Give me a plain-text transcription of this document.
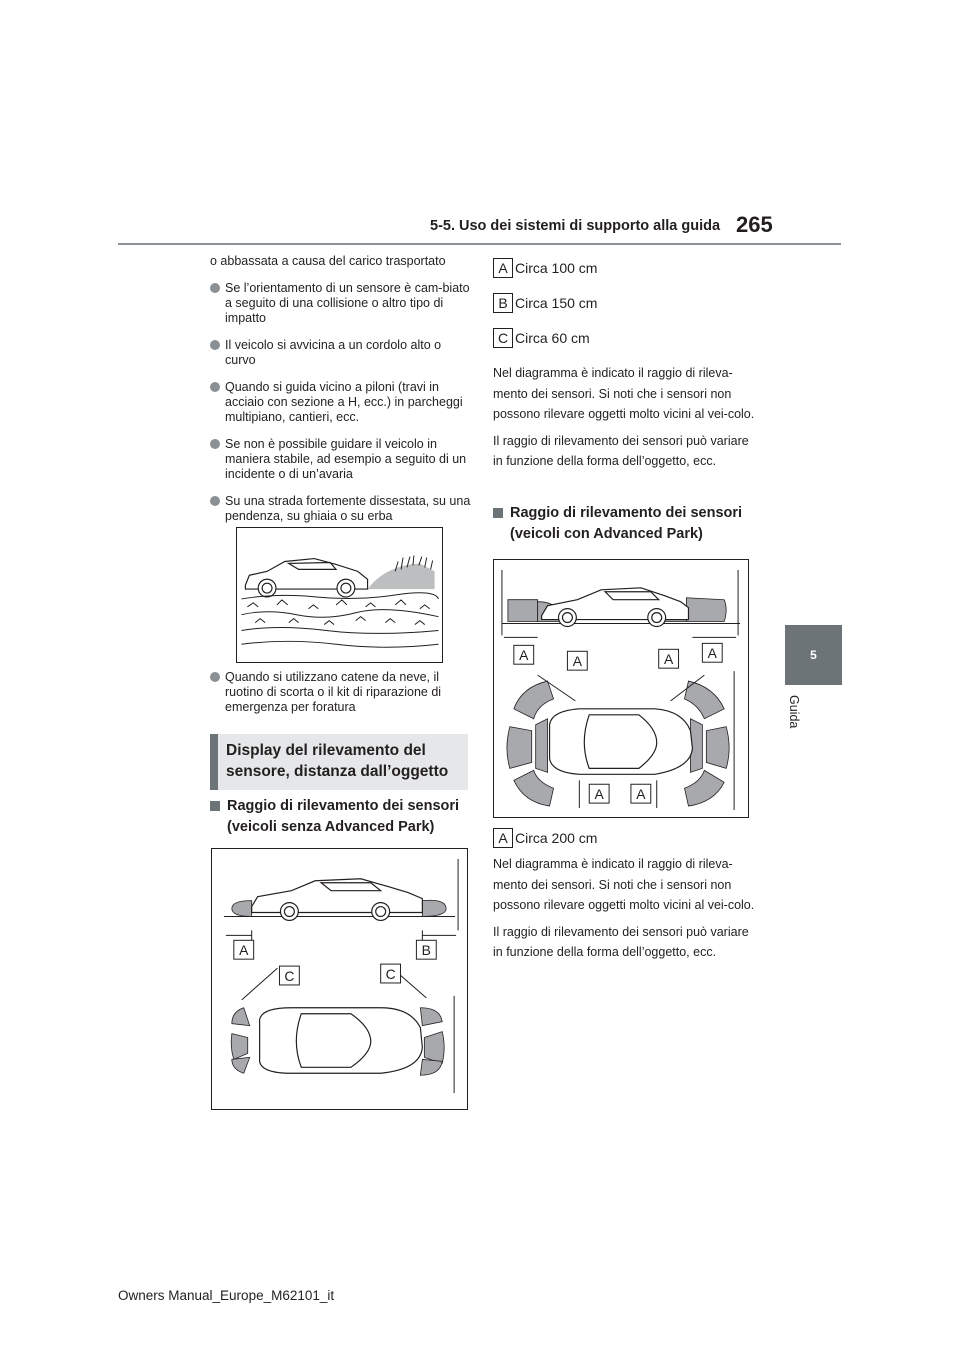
5-5. Uso dei sistemi di supporto alla guida 265
5
Guida

o abbassata a causa del carico trasportato

Se l’orientamento di un sensore è cam-biato a seguito di una collisione o altro tipo di impatto
Il veicolo si avvicina a un cordolo alto o curvo
Quando si guida vicino a piloni (travi in acciaio con sezione a H, ecc.) in parcheggi multipiano, cantieri, ecc.
Se non è possibile guidare il veicolo in maniera stabile, ad esempio a seguito di un incidente o di un’avaria
Su una strada fortemente dissestata, su una pendenza, su ghiaia o su erba
Quando si utilizzano catene da neve, il ruotino di scorta o il kit di riparazione di emergenza per foratura
Display del rilevamento del sensore, distanza dall’oggetto
Raggio di rilevamento dei sensori (veicoli senza Advanced Park)
A	B
C	C
A Circa 100 cm
B Circa 150 cm
C Circa 60 cm

Nel diagramma è indicato il raggio di rileva-mento dei sensori. Si noti che i sensori non possono rilevare oggetti molto vicini al vei-colo.

Il raggio di rilevamento dei sensori può variare in funzione della forma dell’oggetto, ecc.

Raggio di rilevamento dei sensori (veicoli con Advanced Park)
A	A	A A
A A
A Circa 200 cm

Nel diagramma è indicato il raggio di rileva-mento dei sensori. Si noti che i sensori non possono rilevare oggetti molto vicini al vei-colo.

Il raggio di rilevamento dei sensori può variare in funzione della forma dell’oggetto, ecc.

Owners Manual_Europe_M62101_it
